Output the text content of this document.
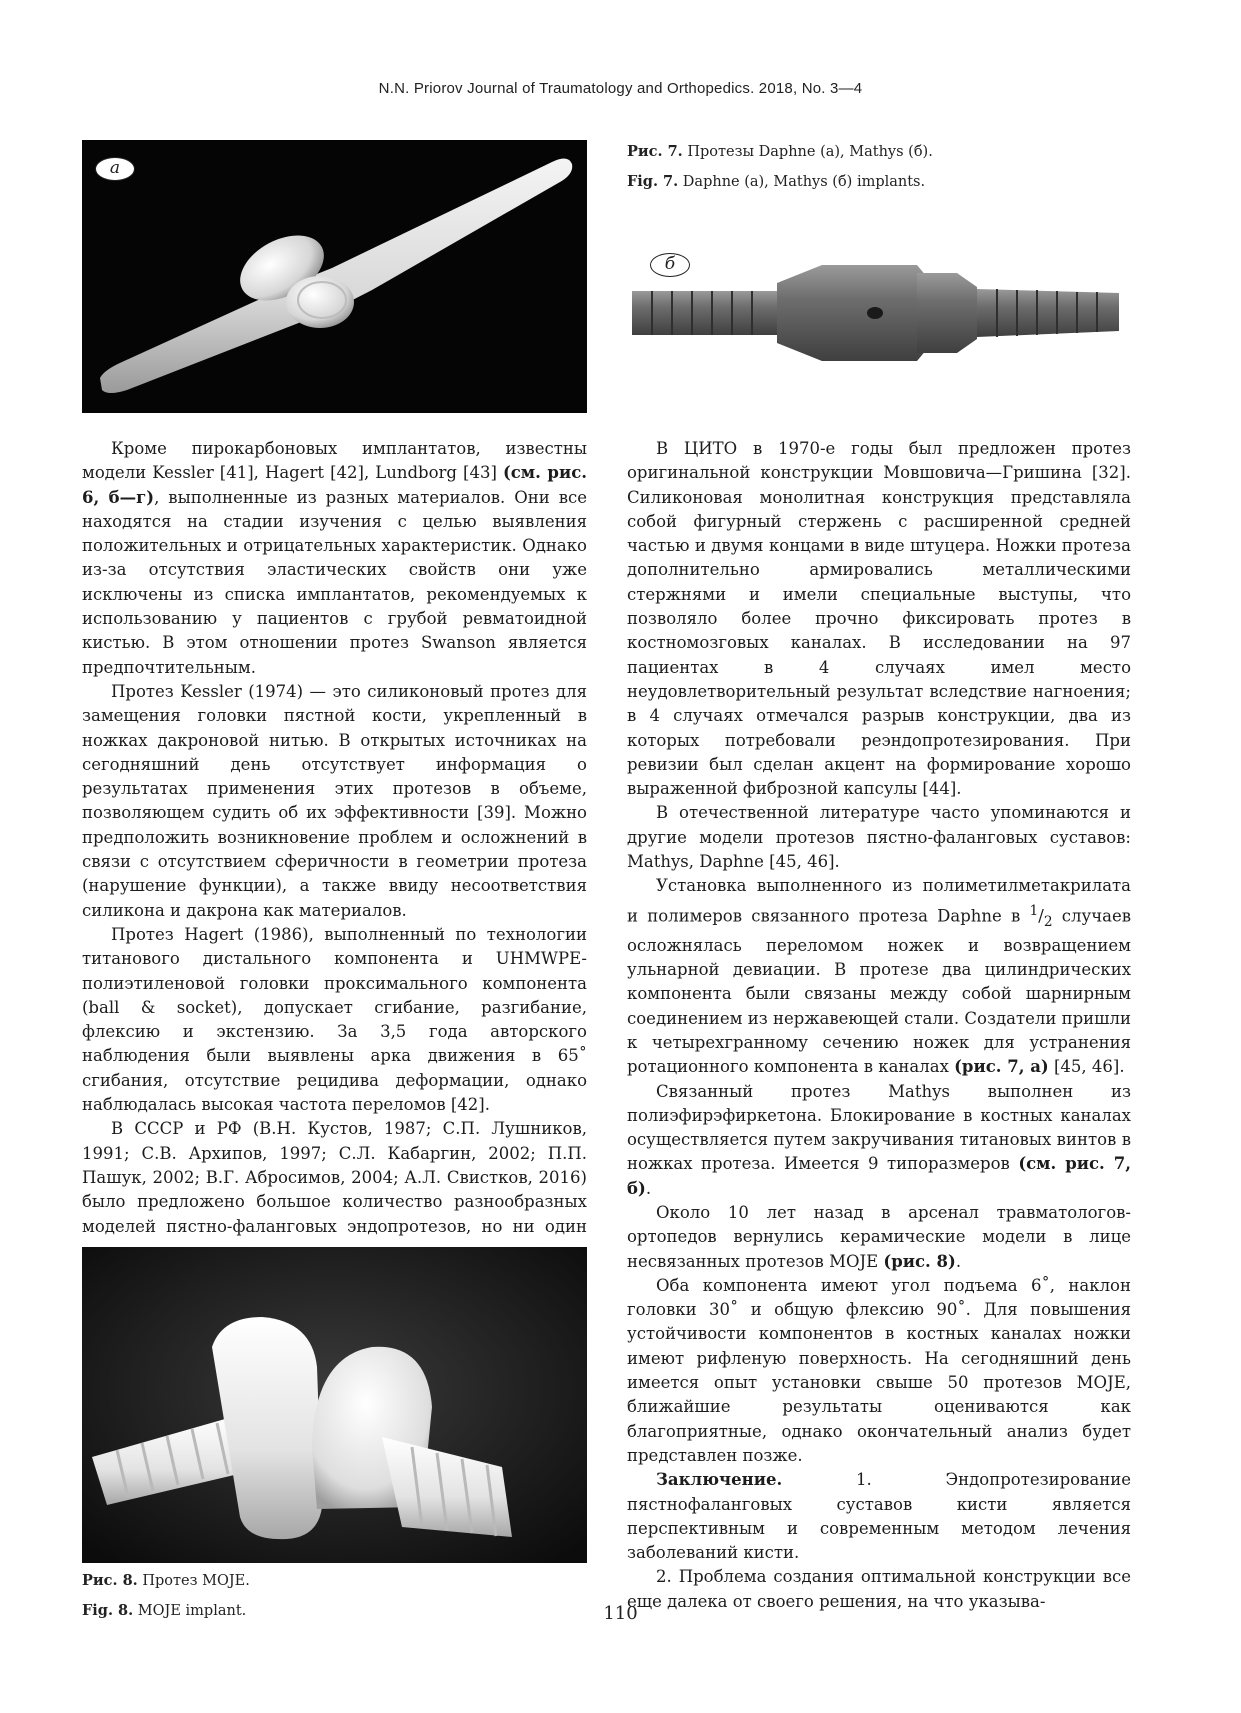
N.N. Priorov Journal of Traumatology and Orthopedics. 2018, No. 3—4
а
Рис. 7. Протезы Daphne (а), Mathys (б).
Fig. 7. Daphne (a), Mathys (б) implants.
б

Кроме пирокарбоновых имплантатов, известны модели Kessler [41], Hagert [42], Lundborg [43] (см. рис. 6, б—г), выполненные из разных материалов. Они все находятся на стадии изучения с целью выявления положительных и отрицательных характеристик. Однако из-за отсутствия эластических свойств они уже исключены из списка имплантатов, рекомендуемых к использованию у пациентов с грубой ревматоидной кистью. В этом отношении протез Swanson является предпочтительным.

Протез Kessler (1974) — это силиконовый протез для замещения головки пястной кости, укрепленный в ножках дакроновой нитью. В открытых источниках на сегодняшний день отсутствует информация о результатах применения этих протезов в объеме, позволяющем судить об их эффективности [39]. Можно предположить возникновение проблем и осложнений в связи с отсутствием сферичности в геометрии протеза (нарушение функции), а также ввиду несоответствия силикона и дакрона как материалов.

Протез Hagert (1986), выполненный по технологии титанового дистального компонента и UHMWPE-полиэтиленовой головки проксимального компонента (ball & socket), допускает сгибание, разгибание, флексию и экстензию. За 3,5 года авторского наблюдения были выявлены арка движения в 65˚ сгибания, отсутствие рецидива деформации, однако наблюдалась высокая частота переломов [42].

В СССР и РФ (В.Н. Кустов, 1987; С.П. Лушников, 1991; С.В. Архипов, 1997; С.Л. Кабаргин, 2002; П.П. Пашук, 2002; В.Г. Абросимов, 2004; А.Л. Свистков, 2016) было предложено большое количество разнообразных моделей пястно-фаланговых эндопротезов, но ни один

В ЦИТО в 1970-е годы был предложен протез оригинальной конструкции Мовшовича—Гришина [32]. Силиконовая монолитная конструкция представляла собой фигурный стержень с расширенной средней частью и двумя концами в виде штуцера. Ножки протеза дополнительно армировались металлическими стержнями и имели специальные выступы, что позволяло более прочно фиксировать протез в костномозговых каналах. В исследовании на 97 пациентах в 4 случаях имел место неудовлетворительный результат вследствие нагноения; в 4 случаях отмечался разрыв конструкции, два из которых потребовали реэндопротезирования. При ревизии был сделан акцент на формирование хорошо выраженной фиброзной капсулы [44].

В отечественной литературе часто упоминаются и другие модели протезов пястно-фаланговых суставов: Mathys, Daphne [45, 46].

Установка выполненного из полиметилметакрилата и полимеров связанного протеза Daphne в $^1/_2$ случаев осложнялась переломом ножек и возвращением ульнарной девиации. В протезе два цилиндрических компонента были связаны между собой шарнирным соединением из нержавеющей стали. Создатели пришли к четырехгранному сечению ножек для устранения ротационного компонента в каналах (рис. 7, а) [45, 46].

Связанный протез Mathys выполнен из полиэфирэфиркетона. Блокирование в костных каналах осуществляется путем закручивания титановых винтов в ножках протеза. Имеется 9 типоразмеров (см. рис. 7, б).

Около 10 лет назад в арсенал травматологов-ортопедов вернулись керамические модели в лице несвязанных протезов MOJE (рис. 8).

Оба компонента имеют угол подъема 6˚, наклон головки 30˚ и общую флексию 90˚. Для повышения устойчивости компонентов в костных каналах ножки имеют рифленую поверхность. На сегодняшний день имеется опыт установки свыше 50 протезов MOJE, ближайшие результаты оцениваются как благоприятные, однако окончательный анализ будет представлен позже.

Заключение. 1. Эндопротезирование пястнофаланговых суставов кисти является перспективным и современным методом лечения заболеваний кисти.

2. Проблема создания оптимальной конструкции все еще далека от своего решения, на что указыва-

Рис. 8. Протез MOJE.
Fig. 8. MOJE implant.	110
